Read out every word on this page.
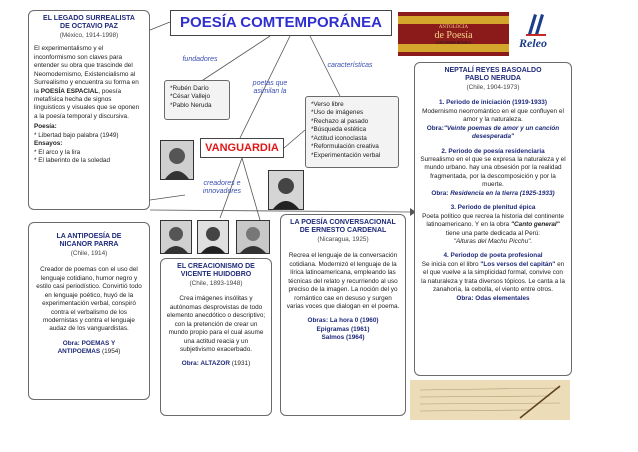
POESÍA COMTEMPORÁNEA	ANTOLOGÍA
de Poesía
CONTEMPORÁNEA	Releo
fundadores
características
poetas que
asimilan la
creadores e
innovadores
*Rubén Darío
*César Vallejo
*Pablo Neruda	*Verso libre
*Uso de imágenes
*Rechazo al pasado
*Búsqueda estética
*Actitud iconoclasta
*Reformulación creativa
*Experimentación verbal
VANGUARDIA
EL LEGADO SURREALISTA
DE OCTAVIO PAZ
(México, 1914-1998)

El experimentalismo y el inconformismo son claves para entender su obra que trascinde del Neomodernismo, Existencialismo al Surrealismo y encuentra su forma en la POESÍA ESPACIAL, poesía metafísica hecha de signos linguisticos y visuales que se oponen a la poesía temporal y discursiva.

Poesía:
* Libertad bajo palabra (1949)
Ensayos:
* El arco y la lira
* El laberinto de la soledad
LA ANTIPOESÍA DE
NICANOR PARRA
(Chile, 1914)

Creador de poemas con el uso del lenguaje cotidiano, humor negro y estilo casi periodístico. Convirtió todo en lenguaje poético, huyó de la experimentación verbal, conspiró contra el verbalismo de los modernistas y contra el lenguaje audaz de los vanguardistas.

Obra: POEMAS Y
ANTIPOEMAS (1954)
EL CREACIONISMO DE
VICENTE HUIDOBRO
(Chile, 1893-1948)

Crea imágenes insólitas y autónomas desprovistas de todo elemento anecdótico o descriptivo; con la pretención de crear un mundo propio para el cual asume una actitud reacia y un subjetivismo exacerbado.

Obra: ALTAZOR (1931)
LA POESÍA CONVERSACIONAL
DE ERNESTO CARDENAL
(Nicaragua, 1925)

Recrea el lenguaje de la conversación cotidiana. Modernizó el lenguaje de la lírica latinoamericana, empleando las técnicas del relato y recurriendo al uso preciso de la imagen. La noción del yo romántico cae en desuso y surgen varias voces que dialogan en el poema.

Obras: La hora 0 (1960)
Epigramas (1961)
Salmos (1964)
NEPTALÍ REYES BASOALDO
PABLO NERUDA
(Chile, 1904-1973)
1. Periodo de iniciación (1919-1933)
Modernismo neorromántico en el que confluyen el amor y la naturaleza.
Obra:"Veinte poemas de amor y un canción desesperada"
2. Periodo de poesía residenciaria
Surrealismo en el que se expresa la naturaleza y el mundo urbano. hay una obsesión por la realidad fragmentada, por la descomposición y por la muerte.
Obra: Residencia en la tierra (1925-1933)
3. Periodo de plenitud épica
Poeta político que recrea la historia del continente latinoamericano. Y en la obra "Canto general" tiene una parte dedicada al Perú:
"Alturas del Machu Picchu".
4. Periodop de poeta profesional
Se inicia con el libro "Los versos del capitán" en el que vuelve a la simplicidad formal, convive con la naturaleza y trata diversos tópicos. Le canta a la zanahoria, la cebolla, el viento entre otros.
Obra: Odas elementales
